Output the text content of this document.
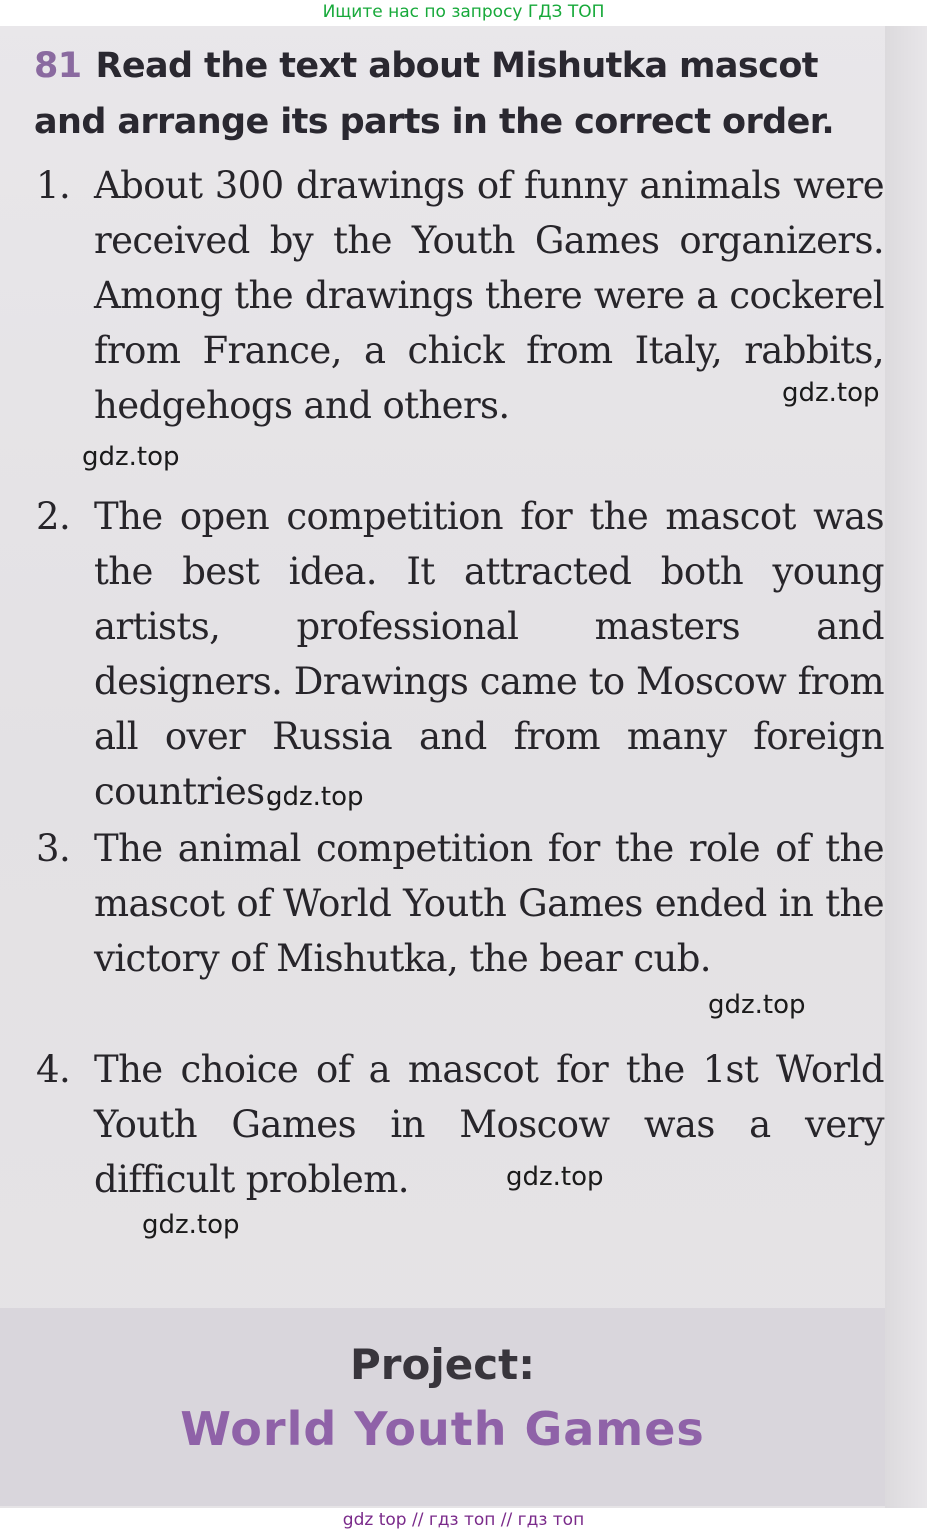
Ищите нас по запросу ГДЗ ТОП
81 Read the text about Mishutka mascot
and arrange its parts in the correct order.
1. About 300 drawings of funny animals were received by the Youth Games organizers. Among the drawings there were a cockerel from France, a chick from Italy, rabbits, hedgehogs and others.
2. The open competition for the mascot was the best idea. It attracted both young artists, professional masters and designers. Drawings came to Moscow from all over Russia and from many foreign countries.
3. The animal competition for the role of the mascot of World Youth Games ended in the victory of Mishutka, the bear cub.
4. The choice of a mascot for the 1st World Youth Games in Moscow was a very difficult problem.
gdz.top
gdz.top
gdz.top
gdz.top
gdz.top
gdz.top
Project:
World Youth Games
gdz top // гдз топ // гдз топ
